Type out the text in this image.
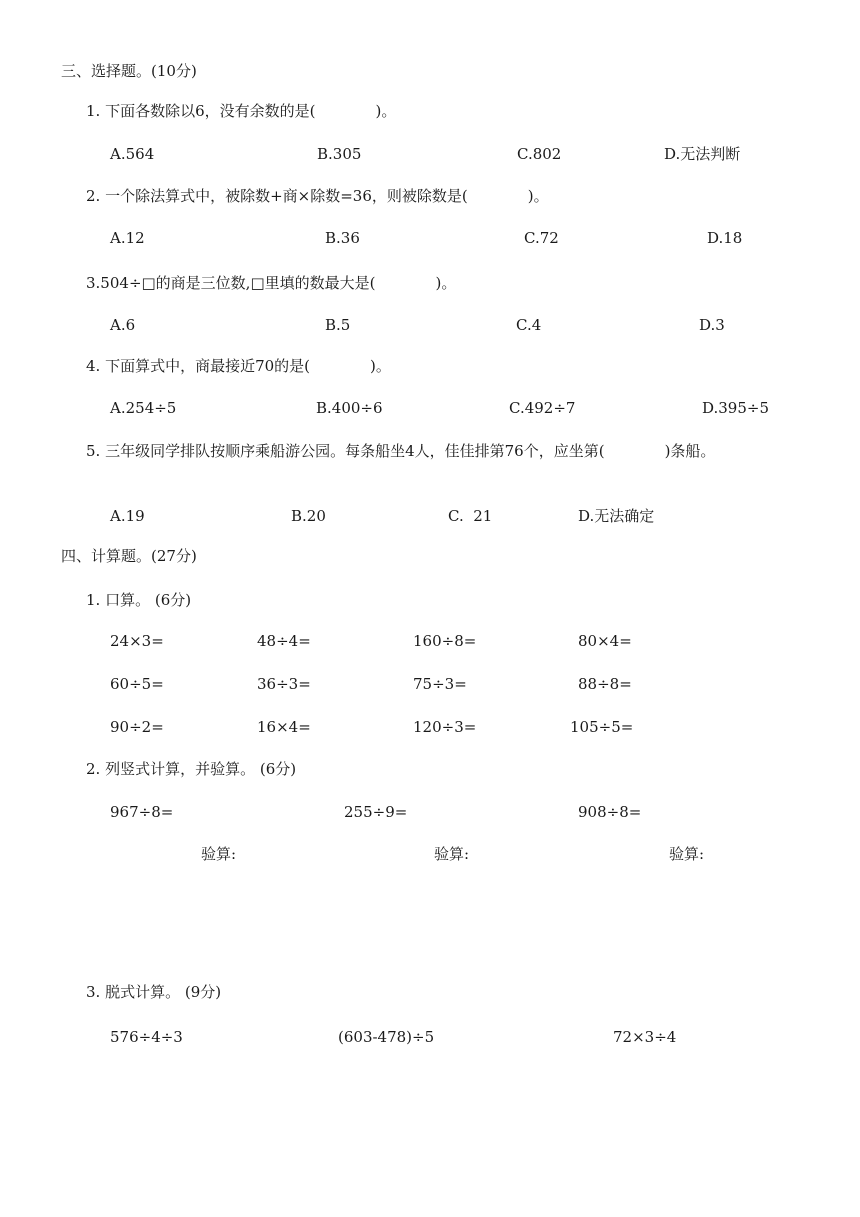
三、选择题。(10分)
1. 下面各数除以6，没有余数的是(　　　　)。
A.564	B.305	C.802	D.无法判断
2. 一个除法算式中，被除数+商×除数=36，则被除数是(　　　　)。
A.12	B.36	C.72	D.18
3.504÷□的商是三位数,□里填的数最大是(　　　　)。
A.6	B.5	C.4	D.3
4. 下面算式中，商最接近70的是(　　　　)。
A.254÷5	B.400÷6	C.492÷7	D.395÷5
5. 三年级同学排队按顺序乘船游公园。每条船坐4人，佳佳排第76个，应坐第(　　　　)条船。
A.19	B.20	C.  21	D.无法确定
四、计算题。(27分)
1. 口算。 (6分)
24×3=	48÷4=	160÷8=	80×4=
60÷5=	36÷3=	75÷3=	88÷8=
90÷2=	16×4=	120÷3=	105÷5=
2. 列竖式计算，并验算。 (6分)
967÷8=	255÷9=	908÷8=
验算:	验算:	验算:
3. 脱式计算。 (9分)
576÷4÷3	(603-478)÷5	72×3÷4
